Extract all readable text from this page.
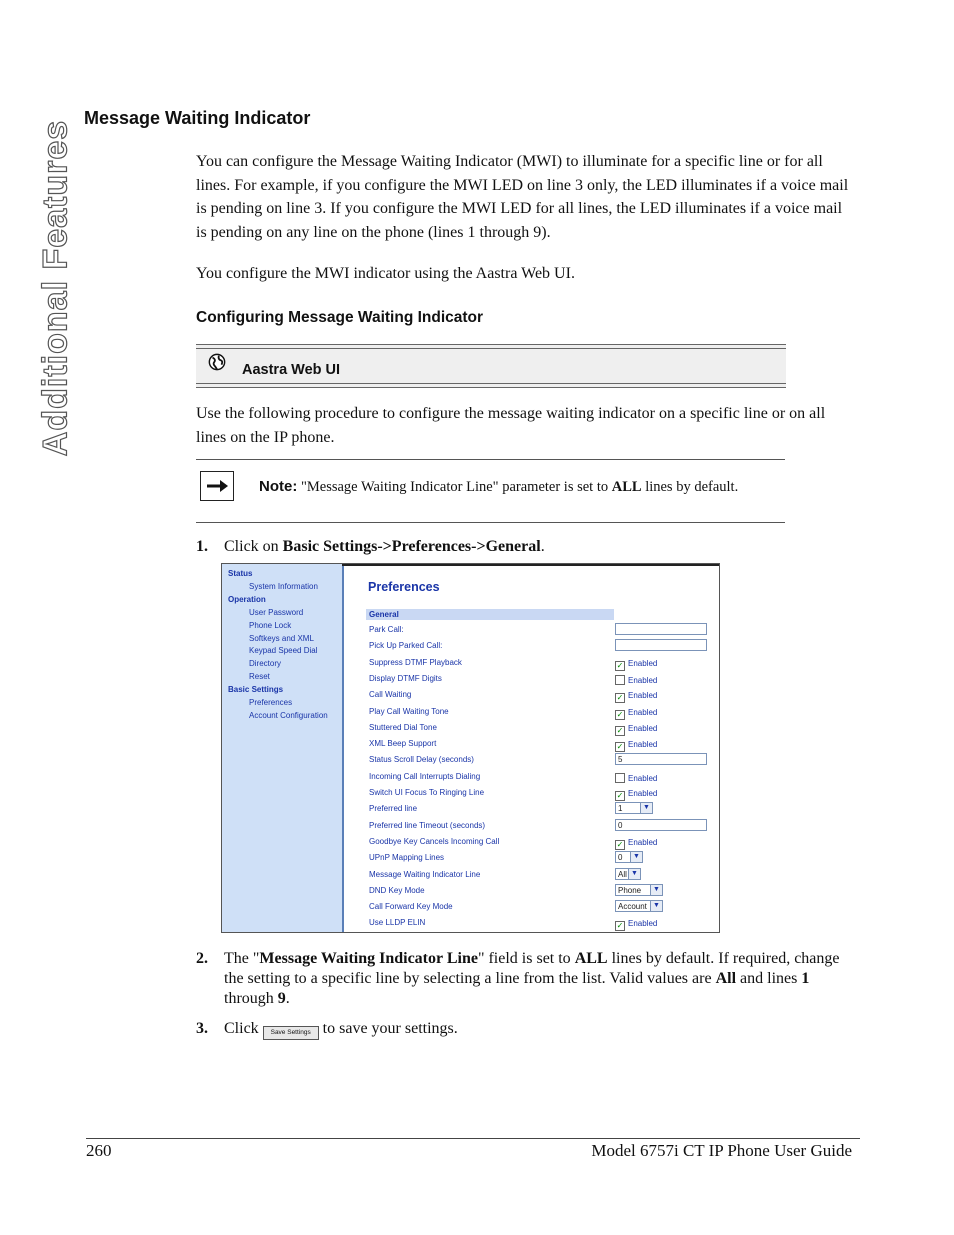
Additional Features
Message Waiting Indicator
You can configure the Message Waiting Indicator (MWI) to illuminate for a specific line or for all lines. For example, if you configure the MWI LED on line 3 only, the LED illuminates if a voice mail is pending on line 3. If you configure the MWI LED for all lines, the LED illuminates if a voice mail is pending on any line on the phone (lines 1 through 9).
You configure the MWI indicator using the Aastra Web UI.
Configuring Message Waiting Indicator
Aastra Web UI
Use the following procedure to configure the message waiting indicator on a specific line or on all lines on the IP phone.
Note: "Message Waiting Indicator Line" parameter is set to ALL lines by default.
1. Click on Basic Settings->Preferences->General.
Status
System Information
Operation
User Password
Phone Lock
Softkeys and XML
Keypad Speed Dial
Directory
Reset
Basic Settings
Preferences
Account Configuration
Preferences
General
Park Call:
Pick Up Parked Call:
Suppress DTMF Playback	✓ Enabled
Display DTMF Digits	Enabled
Call Waiting	✓ Enabled
Play Call Waiting Tone	✓ Enabled
Stuttered Dial Tone	✓ Enabled
XML Beep Support	✓ Enabled
Status Scroll Delay (seconds)	5
Incoming Call Interrupts Dialing	Enabled
Switch UI Focus To Ringing Line	✓ Enabled
Preferred line	1	▼
Preferred line Timeout (seconds)	0
Goodbye Key Cancels Incoming Call	✓ Enabled
UPnP Mapping Lines	0	▼
Message Waiting Indicator Line	All ▼
DND Key Mode	Phone	▼
Call Forward Key Mode	Account ▼
Use LLDP ELIN	✓ Enabled
2. The "Message Waiting Indicator Line" field is set to ALL lines by default. If required, change the setting to a specific line by selecting a line from the list. Valid values are All and lines 1 through 9.
3. Click Save Settings to save your settings.
260	Model 6757i CT IP Phone User Guide
